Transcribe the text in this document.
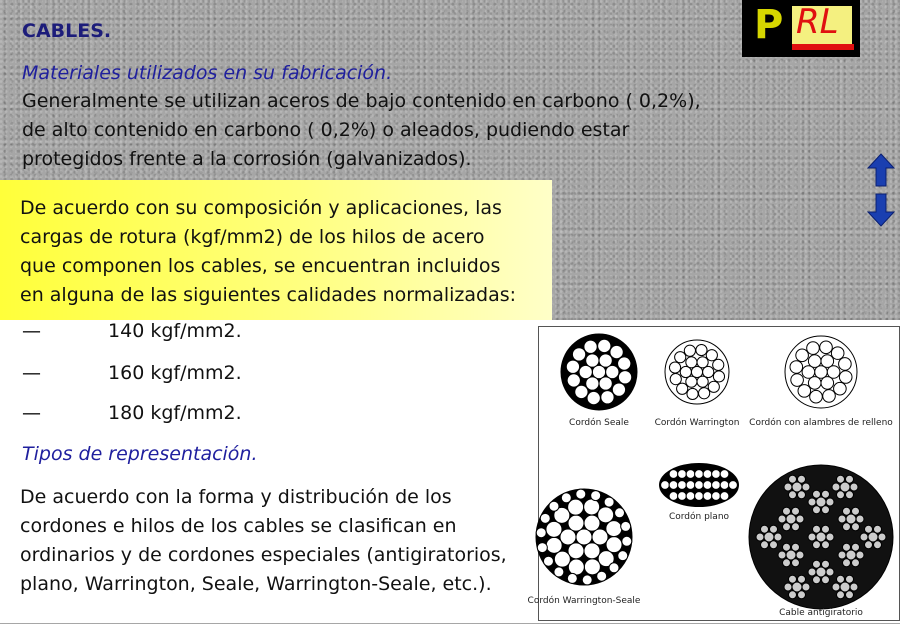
CABLES.	P RL
Materiales utilizados en su fabricación.
Generalmente se utilizan aceros de bajo contenido en carbono ( 0,2%),
de alto contenido en carbono ( 0,2%) o aleados, pudiendo estar
protegidos frente a la corrosión (galvanizados).
De acuerdo con su composición y aplicaciones, las
cargas de rotura (kgf/mm2) de los hilos de acero
que componen los cables, se encuentran incluidos
en alguna de las siguientes calidades normalizadas:
—	140 kgf/mm2.
—	160 kgf/mm2.
—	180 kgf/mm2.
Tipos de representación.
De acuerdo con la forma y distribución de los
cordones e hilos de los cables se clasifican en
ordinarios y de cordones especiales (antigiratorios,
plano, Warrington, Seale, Warrington-Seale, etc.).
Cordón Seale	Cordón Warrington Cordón con alambres de relleno
Cordón plano
Cordón Warrington-Seale
Cable antigiratorio
